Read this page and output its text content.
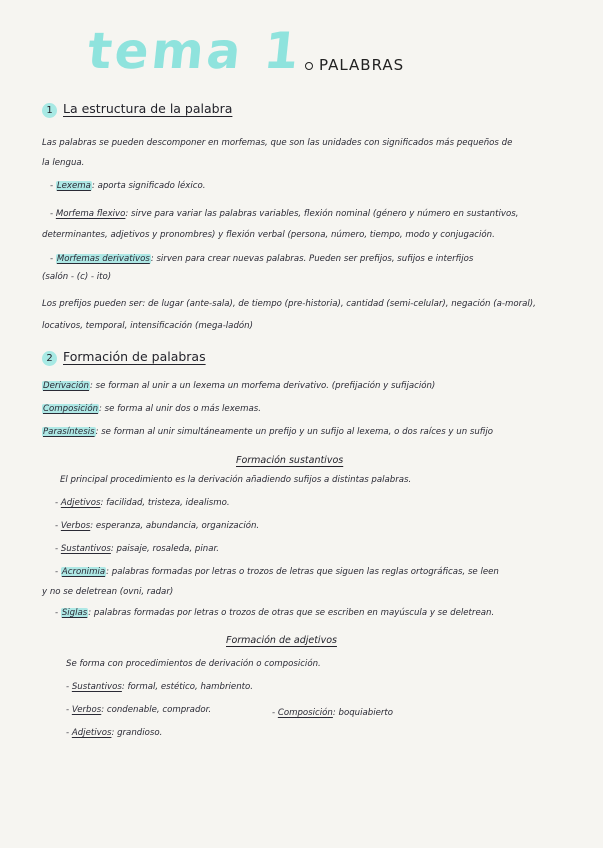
tema 1 PALABRAS
1 La estructura de la palabra
Las palabras se pueden descomponer en morfemas, que son las unidades con significados más pequeños de
la lengua.
- Lexema: aporta significado léxico.
- Morfema flexivo: sirve para variar las palabras variables, flexión nominal (género y número en sustantivos,
determinantes, adjetivos y pronombres) y flexión verbal (persona, número, tiempo, modo y conjugación.
- Morfemas derivativos: sirven para crear nuevas palabras. Pueden ser prefijos, sufijos e interfijos
(salón - (c) - ito)
Los prefijos pueden ser: de lugar (ante-sala), de tiempo (pre-historia), cantidad (semi-celular), negación (a-moral),
locativos, temporal, intensificación (mega-ladón)
2 Formación de palabras
Derivación: se forman al unir a un lexema un morfema derivativo. (prefijación y sufijación)
Composición: se forma al unir dos o más lexemas.
Parasíntesis: se forman al unir simultáneamente un prefijo y un sufijo al lexema, o dos raíces y un sufijo
Formación sustantivos
El principal procedimiento es la derivación añadiendo sufijos a distintas palabras.
- Adjetivos: facilidad, tristeza, idealismo.
- Verbos: esperanza, abundancia, organización.
- Sustantivos: paisaje, rosaleda, pinar.
- Acronimia: palabras formadas por letras o trozos de letras que siguen las reglas ortográficas, se leen
y no se deletrean (ovni, radar)
- Siglas: palabras formadas por letras o trozos de otras que se escriben en mayúscula y se deletrean.
Formación de adjetivos
Se forma con procedimientos de derivación o composición.
- Sustantivos: formal, estético, hambriento.
- Verbos: condenable, comprador.	- Composición: boquiabierto
- Adjetivos: grandioso.
